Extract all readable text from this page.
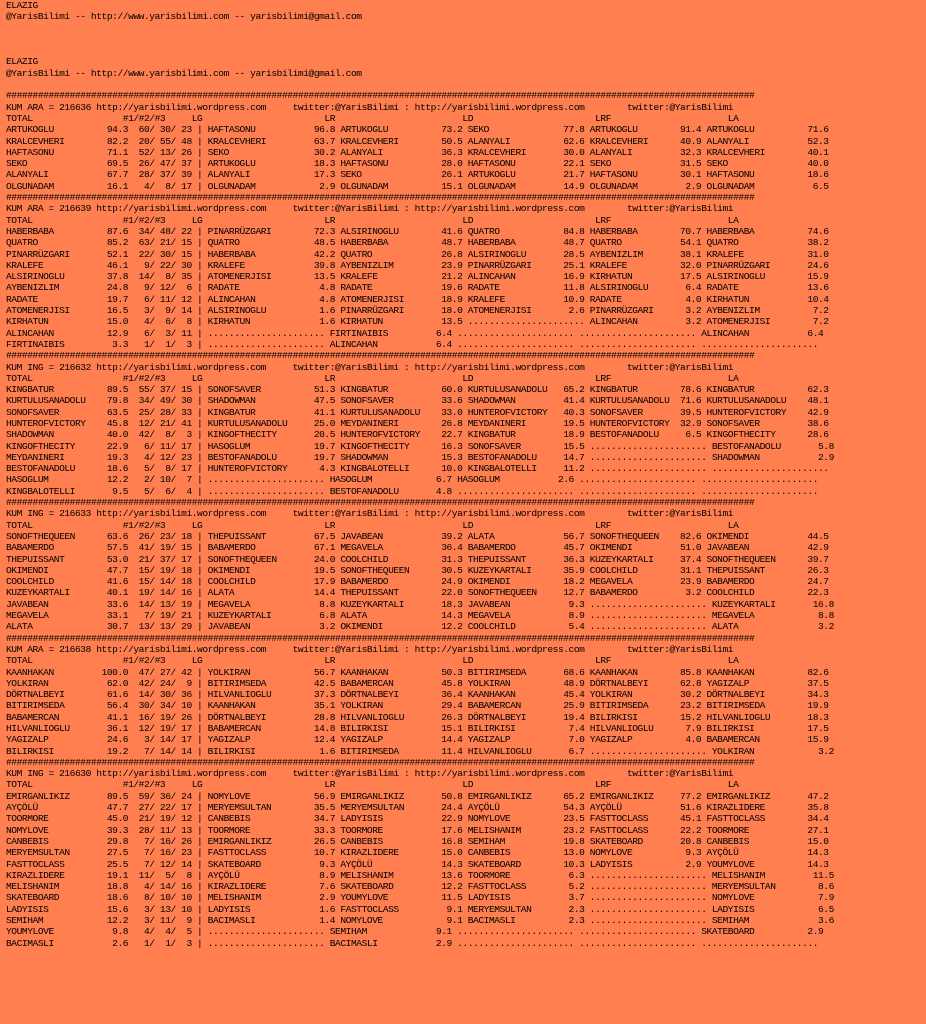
ELAZIG
@YarisBilimi -- http://www.yarisbilimi.com -- yarisbilimi@gmail.com
ELAZIG
@YarisBilimi -- http://www.yarisbilimi.com -- yarisbilimi@gmail.com
#############################################################################################################################################
KUM ARA = 216636 http://yarisbilimi.wordpress.com     twitter:@YarisBilimi : http://yarisbilimi.wordpress.com        twitter:@YarisBilimi
TOTAL                 #1/#2/#3     LG                       LR                        LD                       LRF                      LA
ARTUKOGLU          94.3  60/ 30/ 23 | HAFTASONU           96.8 ARTUKOGLU          73.2 SEKO              77.8 ARTUKOGLU        91.4 ARTUKOGLU          71.6
KRALCEVHERI        82.2  20/ 55/ 48 | KRALCEVHERI         63.7 KRALCEVHERI        50.5 ALANYALI          62.6 KRALCEVHERI      40.9 ALANYALI           52.3
HAFTASONU          71.1  52/ 13/ 26 | SEKO                30.2 ALANYALI           36.3 KRALCEVHERI       30.0 ALANYALI         32.3 KRALCEVHERI        40.1
SEKO               69.5  26/ 47/ 37 | ARTUKOGLU           18.3 HAFTASONU          28.0 HAFTASONU         22.1 SEKO             31.5 SEKO               40.0
ALANYALI           67.7  28/ 37/ 39 | ALANYALI            17.3 SEKO               26.1 ARTUKOGLU         21.7 HAFTASONU        30.1 HAFTASONU          18.6
OLGUNADAM          16.1   4/  8/ 17 | OLGUNADAM            2.9 OLGUNADAM          15.1 OLGUNADAM         14.9 OLGUNADAM         2.9 OLGUNADAM           6.5
#############################################################################################################################################
KUM ARA = 216639 http://yarisbilimi.wordpress.com     twitter:@YarisBilimi : http://yarisbilimi.wordpress.com        twitter:@YarisBilimi
TOTAL                 #1/#2/#3     LG                       LR                        LD                       LRF                      LA
HABERBABA          87.6  34/ 48/ 22 | PINARRÜZGARI        72.3 ALSIRINOGLU        41.6 QUATRO            84.8 HABERBABA        70.7 HABERBABA          74.6
QUATRO             85.2  63/ 21/ 15 | QUATRO              48.5 HABERBABA          48.7 HABERBABA         48.7 QUATRO           54.1 QUATRO             38.2
PINARRÜZGARI       52.1  22/ 30/ 15 | HABERBABA           42.2 QUATRO             26.8 ALSIRINOGLU       28.5 AYBENIZLIM       38.1 KRALEFE            31.0
KRALEFE            46.1   9/ 22/ 30 | KRALEFE             39.8 AYBENIZLIM         23.9 PINARRÜZGARI      25.1 KRALEFE          32.0 PINARRÜZGARI       24.6
ALSIRINOGLU        37.8  14/  8/ 35 | ATOMENERJISI        13.5 KRALEFE            21.2 ALINCAHAN         16.9 KIRHATUN         17.5 ALSIRINOGLU        15.9
AYBENIZLIM         24.8   9/ 12/  6 | RADATE               4.8 RADATE             19.6 RADATE            11.8 ALSIRINOGLU       6.4 RADATE             13.6
RADATE             19.7   6/ 11/ 12 | ALINCAHAN            4.8 ATOMENERJISI       18.9 KRALEFE           10.9 RADATE            4.0 KIRHATUN           10.4
ATOMENERJISI       16.5   3/  9/ 14 | ALSIRINOGLU          1.6 PINARRÜZGARI       18.0 ATOMENERJISI       2.6 PINARRÜZGARI      3.2 AYBENIZLIM          7.2
KIRHATUN           15.0   4/  6/  8 | KIRHATUN             1.6 KIRHATUN           13.5 ...................... ALINCAHAN         3.2 ATOMENERJISI        7.2
ALINCAHAN          12.9   6/  3/ 11 | ...................... FIRTINAIBIS         6.4 ...................... ...................... ALINCAHAN           6.4
FIRTINAIBIS         3.3   1/  1/  3 | ...................... ALINCAHAN           6.4 ...................... ...................... ......................
#############################################################################################################################################
KUM ING = 216632 http://yarisbilimi.wordpress.com     twitter:@YarisBilimi : http://yarisbilimi.wordpress.com        twitter:@YarisBilimi
TOTAL                 #1/#2/#3     LG                       LR                        LD                       LRF                      LA
KINGBATUR          89.5  55/ 37/ 15 | SONOFSAVER          51.3 KINGBATUR          60.0 KURTULUSANADOLU   65.2 KINGBATUR        78.6 KINGBATUR          62.3
KURTULUSANADOLU    79.8  34/ 49/ 30 | SHADOWMAN           47.5 SONOFSAVER         33.6 SHADOWMAN         41.4 KURTULUSANADOLU  71.6 KURTULUSANADOLU    48.1
SONOFSAVER         63.5  25/ 28/ 33 | KINGBATUR           41.1 KURTULUSANADOLU    33.0 HUNTEROFVICTORY   40.3 SONOFSAVER       39.5 HUNTEROFVICTORY    42.9
HUNTEROFVICTORY    45.8  12/ 21/ 41 | KURTULUSANADOLU     25.0 MEYDANINERI        26.8 MEYDANINERI       19.5 HUNTEROFVICTORY  32.9 SONOFSAVER         38.6
SHADOWMAN          40.0  42/  8/  3 | KINGOFTHECITY       20.5 HUNTEROFVICTORY    22.7 KINGBATUR         18.9 BESTOFANADOLU     6.5 KINGOFTHECITY      28.6
KINGOFTHECITY      22.9   6/ 11/ 17 | HASOGLUM            19.7 KINGOFTHECITY      16.3 SONOFSAVER        15.5 ...................... BESTOFANADOLU       5.8
MEYDANINERI        19.3   4/ 12/ 23 | BESTOFANADOLU       19.7 SHADOWMAN          15.3 BESTOFANADOLU     14.7 ...................... SHADOWMAN           2.9
BESTOFANADOLU      18.6   5/  8/ 17 | HUNTEROFVICTORY      4.3 KINGBALOTELLI      10.0 KINGBALOTELLI     11.2 ...................... ......................
HASOGLUM           12.2   2/ 10/  7 | ...................... HASOGLUM            6.7 HASOGLUM           2.6 ...................... ......................
KINGBALOTELLI       9.5   5/  6/  4 | ...................... BESTOFANADOLU       4.8 ...................... ...................... ......................
#############################################################################################################################################
KUM ING = 216633 http://yarisbilimi.wordpress.com     twitter:@YarisBilimi : http://yarisbilimi.wordpress.com        twitter:@YarisBilimi
TOTAL                 #1/#2/#3     LG                       LR                        LD                       LRF                      LA
SONOFTHEQUEEN      63.6  26/ 23/ 18 | THEPUISSANT         67.5 JAVABEAN           39.2 ALATA             56.7 SONOFTHEQUEEN    82.6 OKIMENDI           44.5
BABAMERDO          57.5  41/ 19/ 15 | BABAMERDO           67.1 MEGAVELA           36.4 BABAMERDO         45.7 OKIMENDI         51.0 JAVABEAN           42.9
THEPUISSANT        53.0  21/ 37/ 17 | SONOFTHEQUEEN       24.0 COOLCHILD          31.3 THEPUISSANT       36.3 KUZEYKARTALI     37.4 SONOFTHEQUEEN      39.7
OKIMENDI           47.7  15/ 19/ 18 | OKIMENDI            19.5 SONOFTHEQUEEN      30.5 KUZEYKARTALI      35.9 COOLCHILD        31.1 THEPUISSANT        26.3
COOLCHILD          41.6  15/ 14/ 18 | COOLCHILD           17.9 BABAMERDO          24.9 OKIMENDI          18.2 MEGAVELA         23.9 BABAMERDO          24.7
KUZEYKARTALI       40.1  19/ 14/ 16 | ALATA               14.4 THEPUISSANT        22.0 SONOFTHEQUEEN     12.7 BABAMERDO         3.2 COOLCHILD          22.3
JAVABEAN           33.6  14/ 13/ 19 | MEGAVELA             8.8 KUZEYKARTALI       18.3 JAVABEAN           9.3 ...................... KUZEYKARTALI       16.8
MEGAVELA           33.1   7/ 19/ 21 | KUZEYKARTALI         6.8 ALATA              14.3 MEGAVELA           8.9 ...................... MEGAVELA            8.8
ALATA              30.7  13/ 13/ 29 | JAVABEAN             3.2 OKIMENDI           12.2 COOLCHILD          5.4 ...................... ALATA               3.2
#############################################################################################################################################
KUM ARA = 216638 http://yarisbilimi.wordpress.com     twitter:@YarisBilimi : http://yarisbilimi.wordpress.com        twitter:@YarisBilimi
TOTAL                 #1/#2/#3     LG                       LR                        LD                       LRF                      LA
KAANHAKAN         100.0  47/ 27/ 42 | YOLKIRAN            56.7 KAANHAKAN          50.3 BITIRIMSEDA       68.6 KAANHAKAN        85.8 KAANHAKAN          82.6
YOLKIRAN           62.0  42/ 24/  9 | BITIRIMSEDA         42.5 BABAMERCAN         45.8 YOLKIRAN          48.9 DÖRTNALBEYI      62.8 YAGIZALP           37.5
DÖRTNALBEYI        61.6  14/ 30/ 36 | HILVANLIOGLU        37.3 DÖRTNALBEYI        36.4 KAANHAKAN         45.4 YOLKIRAN         30.2 DÖRTNALBEYI        34.3
BITIRIMSEDA        56.4  30/ 34/ 10 | KAANHAKAN           35.1 YOLKIRAN           29.4 BABAMERCAN        25.9 BITIRIMSEDA      23.2 BITIRIMSEDA        19.9
BABAMERCAN         41.1  16/ 19/ 26 | DÖRTNALBEYI         28.8 HILVANLIOGLU       26.3 DÖRTNALBEYI       19.4 BILIRKISI        15.2 HILVANLIOGLU       18.3
HILVANLIOGLU       36.1  12/ 19/ 17 | BABAMERCAN          14.8 BILIRKISI          15.1 BILIRKISI          7.4 HILVANLIOGLU      7.9 BILIRKISI          17.5
YAGIZALP           24.6   3/ 14/ 17 | YAGIZALP            12.4 YAGIZALP           14.4 YAGIZALP           7.0 YAGIZALP          4.0 BABAMERCAN         15.9
BILIRKISI          19.2   7/ 14/ 14 | BILIRKISI            1.6 BITIRIMSEDA        11.4 HILVANLIOGLU       6.7 ...................... YOLKIRAN            3.2
#############################################################################################################################################
KUM ING = 216630 http://yarisbilimi.wordpress.com     twitter:@YarisBilimi : http://yarisbilimi.wordpress.com        twitter:@YarisBilimi
TOTAL                 #1/#2/#3     LG                       LR                        LD                       LRF                      LA
EMIRGANLIKIZ       89.5  59/ 36/ 24 | NOMYLOVE            56.9 EMIRGANLIKIZ       50.8 EMIRGANLIKIZ      65.2 EMIRGANLIKIZ     77.2 EMIRGANLIKIZ       47.2
AYÇÖLÜ             47.7  27/ 22/ 17 | MERYEMSULTAN        35.5 MERYEMSULTAN       24.4 AYÇÖLÜ            54.3 AYÇÖLÜ           51.6 KIRAZLIDERE        35.8
TOORMORE           45.0  21/ 19/ 12 | CANBEBIS            34.7 LADYISIS           22.9 NOMYLOVE          23.5 FASTTOCLASS      45.1 FASTTOCLASS        34.4
NOMYLOVE           39.3  28/ 11/ 13 | TOORMORE            33.3 TOORMORE           17.6 MELISHANIM        23.2 FASTTOCLASS      22.2 TOORMORE           27.1
CANBEBIS           29.8   7/ 16/ 26 | EMIRGANLIKIZ        26.5 CANBEBIS           16.8 SEMIHAM           19.8 SKATEBOARD       20.8 CANBEBIS           15.0
MERYEMSULTAN       27.5   7/ 16/ 23 | FASTTOCLASS         10.7 KIRAZLIDERE        15.0 CANBEBIS          13.0 NOMYLOVE          9.3 AYÇÖLÜ             14.3
FASTTOCLASS        25.5   7/ 12/ 14 | SKATEBOARD           9.3 AYÇÖLÜ             14.3 SKATEBOARD        10.3 LADYISIS          2.9 YOUMYLOVE          14.3
KIRAZLIDERE        19.1  11/  5/  8 | AYÇÖLÜ               8.9 MELISHANIM         13.6 TOORMORE           6.3 ...................... MELISHANIM         11.5
MELISHANIM         18.8   4/ 14/ 16 | KIRAZLIDERE          7.6 SKATEBOARD         12.2 FASTTOCLASS        5.2 ...................... MERYEMSULTAN        8.6
SKATEBOARD         18.6   8/ 10/ 10 | MELISHANIM           2.9 YOUMYLOVE          11.5 LADYISIS           3.7 ...................... NOMYLOVE            7.9
LADYISIS           15.6   3/ 13/ 10 | LADYISIS             1.6 FASTTOCLASS         9.1 MERYEMSULTAN       2.3 ...................... LADYISIS            6.5
SEMIHAM            12.2   3/ 11/  9 | BACIMASLI            1.4 NOMYLOVE            9.1 BACIMASLI          2.3 ...................... SEMIHAM             3.6
YOUMYLOVE           9.8   4/  4/  5 | ...................... SEMIHAM             9.1 ...................... ...................... SKATEBOARD          2.9
BACIMASLI           2.6   1/  1/  3 | ...................... BACIMASLI           2.9 ...................... ...................... ......................
